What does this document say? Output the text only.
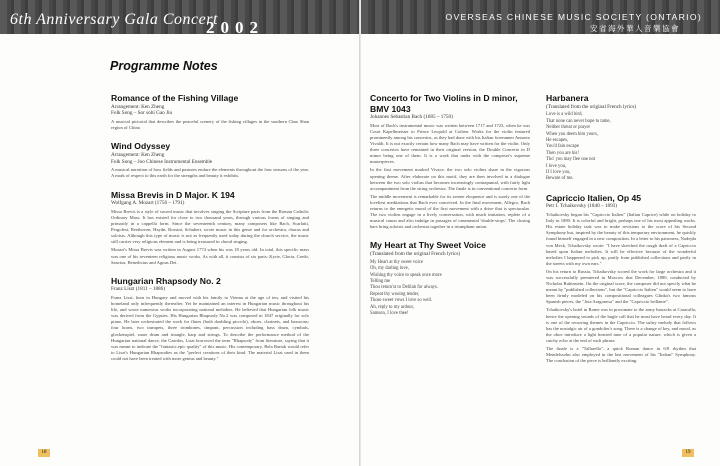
6th Anniversary Gala Concert
2002
Programme Notes
Romance of the Fishing Village
Arrangement: Ken Zheng
Folk Song – Sor sobi Gao Jiu

A musical pictorial that describes the peaceful scenery of the fishing villages in the southern Chao Shan region of China

Wind Odyssey
Arrangement: Ken Zheng
Folk Song – Joo Chinese Instrumental Ensemble

A musical narration of how fields and pastures endure the elements throughout the four seasons of the year. A mark of respect to this earth for the strengths and beauty it exhibits.

Missa Brevis in D Major. K 194
Wolfgang A. Mozart (1756 – 1791)

Missa Brevis is a style of sacred music that involves singing the Scripture parts from the Roman Catholic Ordinary Mass. It has existed for close to two thousand years, through various forms of singing and primarily in a cappella form. Since the seventeenth century, many composers like Bach, Scarlatti, Pergolesi, Beethoven, Haydn, Rossini, Schubert, wrote music in this genre and for orchestra, chorus and soloists. Although this type of music is not as frequently used today during the church service, the music still carries very religious element and is being treasured in choral singing.

Mozart's Missa Brevis was written in August 1774 when his was 18 years old. In total, this specific mass was one of his seventeen religious music works. As with all, it consists of six parts: Kyrie, Gloria, Credo, Sanctus, Benedictus and Agnus Dei.

Hungarian Rhapsody No. 2
Franz Liszt (1811 – 1886)

Franz Liszt, born in Hungary and moved with his family to Vienna at the age of ten, and visited his homeland only infrequently thereafter. Yet he maintained an interest in Hungarian music throughout his life, and wrote numerous works incorporating national melodies. He believed that Hungarian folk music was derived from the Gypsies. His Hungarian Rhapsody No.2 was composed in 1847 originally for solo piano. He later orchestrated the work for flutes (both doubling piccolo), oboes, clarinets, and bassoons; four horns, two trumpets, three trombones, timpani, percussion including bass drum, cymbals, glockenspiel, snare drum and triangle, harp and strings. To describe the performance method of the Hungarian national dance, the Czardas, Liszt borrowed the term "Rhapsody" from literature, saying that it was meant to indicate the "fantastic,epic quality" of this music. His contemporary, Bela Bartok would refer to Liszt's Hungarian Rhapsodies as the "perfect creations of their kind. The material Liszt used in them could not have been treated with more genius and beauty."

18
OVERSEAS CHINESE MUSIC SOCIETY (ONTARIO)
安省海外華人音樂協會
Concerto for Two Violins in D minor, BMV 1043
Johannes Sebastian Bach (1685 – 1750)

Most of Bach's instrumental music was written between 1717 and 1723, when he was Court Kapellmeister to Prince Leopold at Cothen. Works for the violin featured prominently among his concertos, as they had done with his Italian forerunner Antonio Vivaldi. It is not exactly certain how many Bach may have written for the violin. Only three concertos have remained in their original version, the Double Concerto in D minor being one of them. It is a work that ranks with the composer's supreme masterpieces.

In the first movement marked Vivace, the two solo violins share in the vigorous opening theme. After elaborate on this motif, they are then involved in a dialogue between the two solo violins that becomes increasingly contrapuntal, with fairly light accompaniment from the string orchestra. The finale is in conventional concerto form.

The middle movement is remarkable for its serene eloquence and is surely one of the loveliest meditations that Bach ever conceived. In the final movement, Allegro, Bach returns to the energetic mood of the first movement with a drive that is spectacular. The two violins engage in a lively conversation, with much imitation, replete of a musical canon and also indulge in passages of ornamental 'double-stops'. The closing bars bring soloists and orchestra together in a triumphant union.

My Heart at Thy Sweet Voice
(Translated from the original French lyrics)
My Heart at thy sweet voice
Oh, my darling love,
Wishing thy voice to speak once more
Telling me
Thou return'st to Delilah for always.
Repeat thy wooing tender,
Those sweet vows I love so well.
Ah, reply to my ardour,
Samson, I love thee!
Harbanera
(Translated from the original French lyrics)
Love is a wild bird,
That none can never hope to tame,
Neither threat or prayer
When you deem him yours,
He escapes,
You'd fain escape
Then you are his!
Tho' you may flee one not
I love you,
If I love you,
Beware of me.
Capriccio Italien, Op 45
Petr I. Tchaikovsky (1840 – 1893)

Tchaikovsky began his "Capriccio Italien" (Italian Caprice) while on holiday to Italy in 1880. It is colorful and bright, perhaps one of his most appealing works. His estate holiday task was to make revisions to the score of his Second Symphony but, inspired by the beauty of this temporary environment, he quickly found himself engaged in a new composition. In a letter to his patroness, Nadejda von Meck, Tchaikovsky wrote: "I have sketched the rough draft of a Capriccio based upon Italian melodies. It will be effective because of the wonderful melodies I happened to pick up, partly from published collections and partly in the streets with my own ears."

On his return to Russia, Tchaikovsky scored the work for large orchestra and it was successfully premiered in Moscow that December, 1880, conducted by Nicholas Rubinstein. On the original score, the composer did not specify what he meant by "published collections", but the "Capriccio Italien" would seem to have been firmly modeled on his compositional colleagues Glinka's two famous Spanish pieces, the "Jota Aragonesa" and the "Capriccio brillante".

Tchaikovsky's hotel in Rome was in proximate to the army barracks at Caracalla, hence the opening sounds of the bugle call that he must have heard every day. It is one of the recurring themes in the Capriccio. The sultry melody that follows has the nostalgic air of a gondolier's song. There is a change of key, and mood, as the oboe introduce a light hearted tune of a popular nature, which is given a catchy echo at the end of each phrase.

The finale is a "Tallarella", a quick Roman dance in 6/8 rhythm that Mendelssohn also employed in the last movement of his "Italian" Symphony. The conclusion of the piece is brilliantly exciting.

19
